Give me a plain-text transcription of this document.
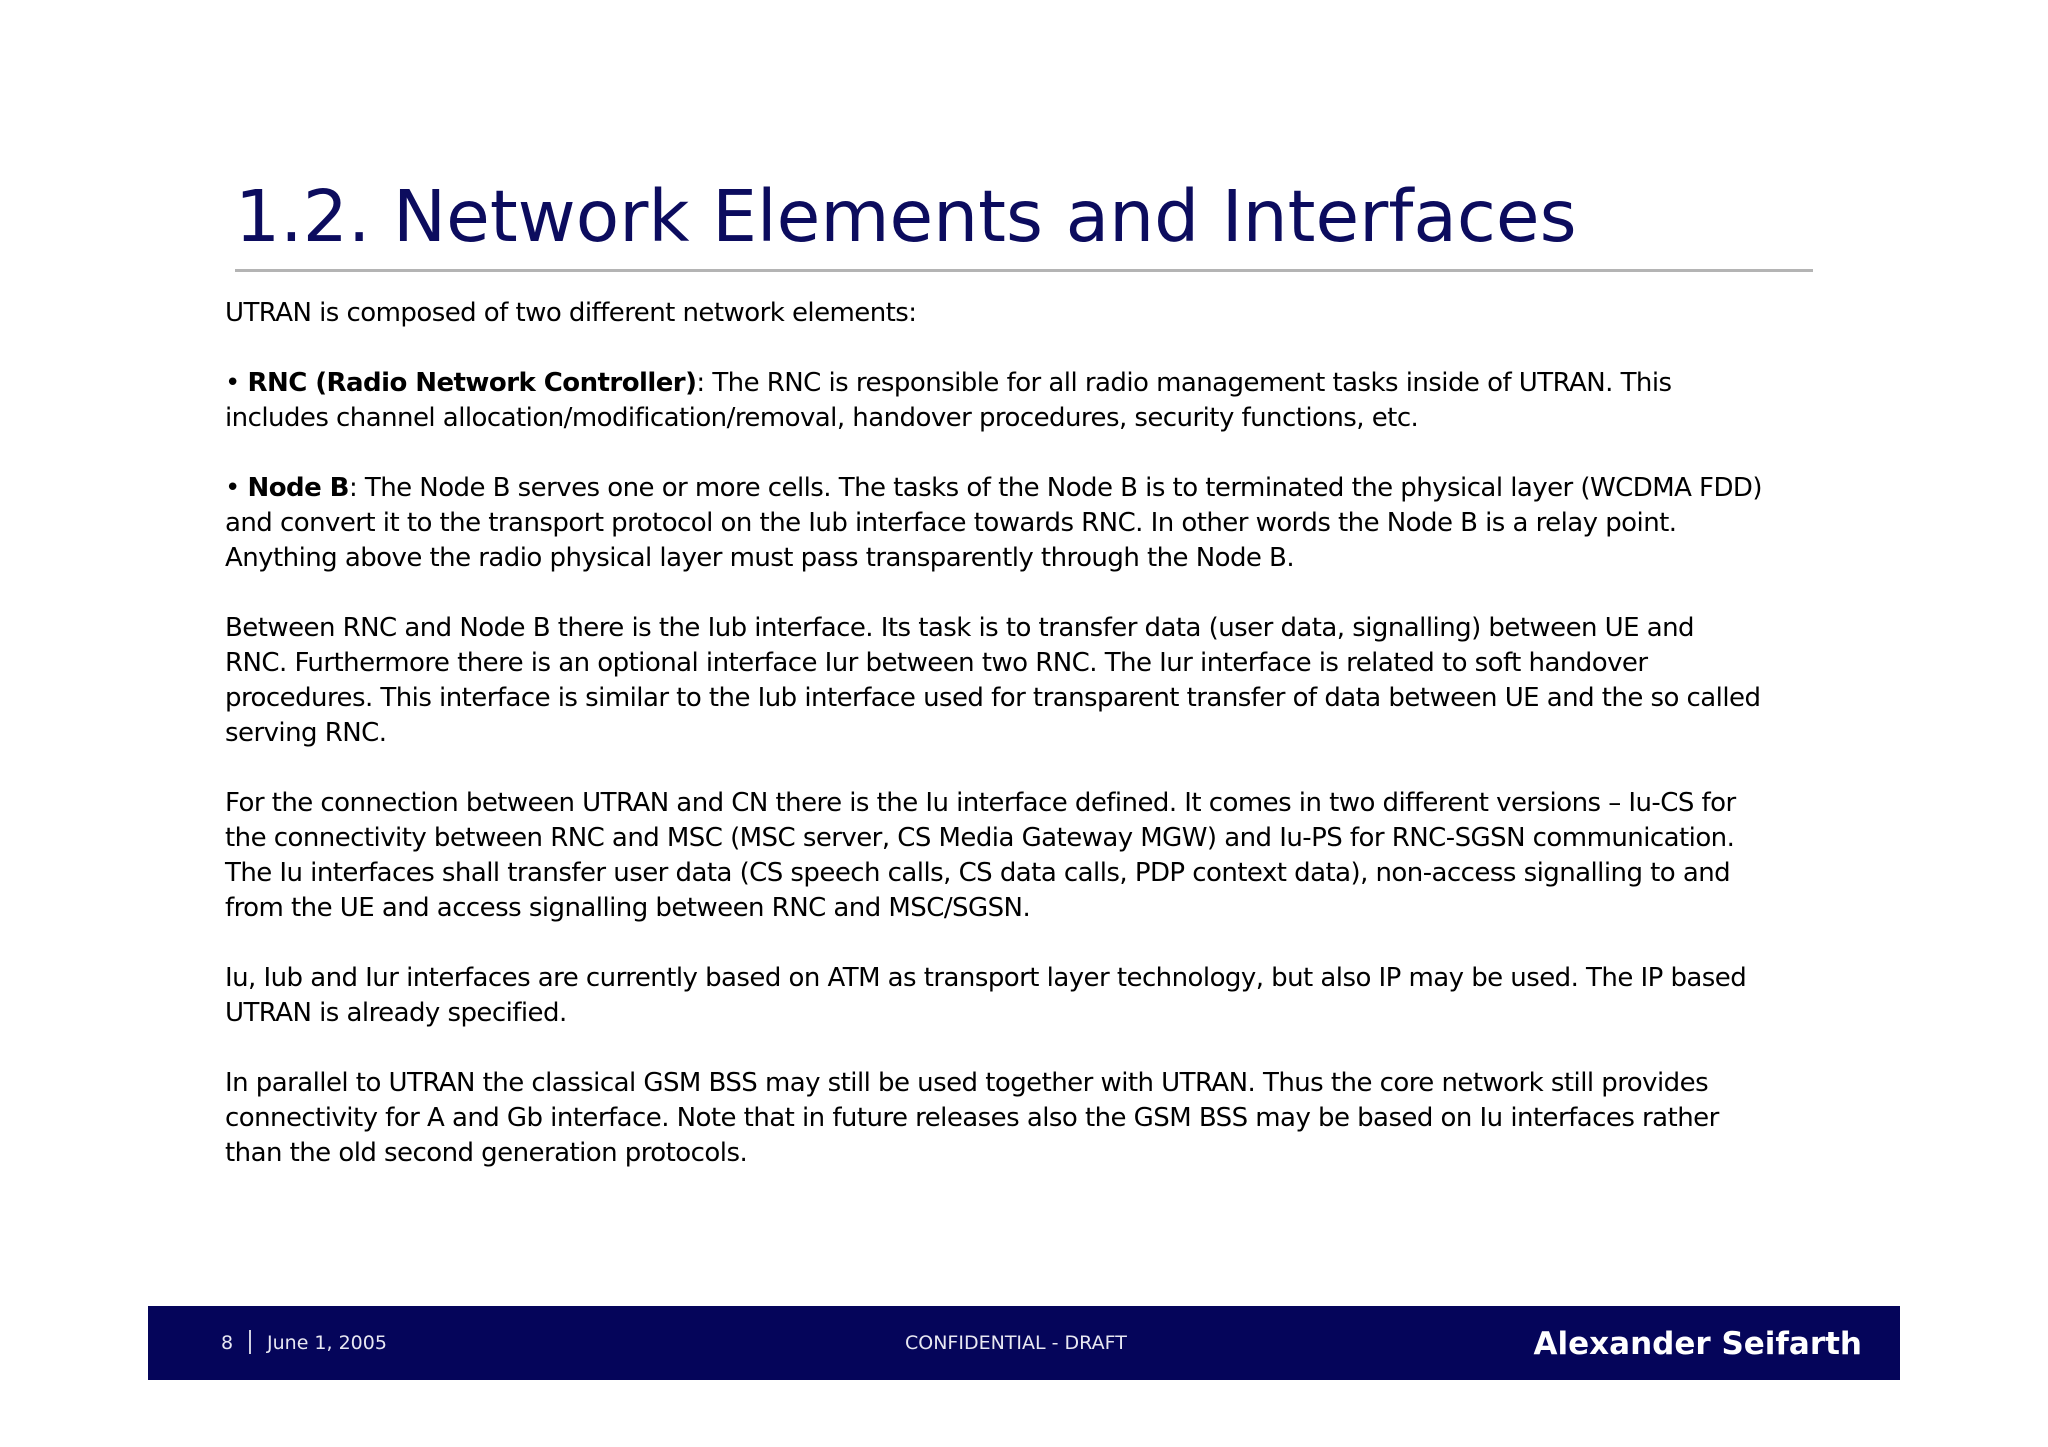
1.2. Network Elements and Interfaces

UTRAN is composed of two different network elements:

• RNC (Radio Network Controller): The RNC is responsible for all radio management tasks inside of UTRAN. This
includes channel allocation/modification/removal, handover procedures, security functions, etc.

• Node B: The Node B serves one or more cells. The tasks of the Node B is to terminated the physical layer (WCDMA FDD)
and convert it to the transport protocol on the Iub interface towards RNC. In other words the Node B is a relay point.
Anything above the radio physical layer must pass transparently through the Node B.

Between RNC and Node B there is the Iub interface. Its task is to transfer data (user data, signalling) between UE and
RNC. Furthermore there is an optional interface Iur between two RNC. The Iur interface is related to soft handover
procedures. This interface is similar to the Iub interface used for transparent transfer of data between UE and the so called
serving RNC.

For the connection between UTRAN and CN there is the Iu interface defined. It comes in two different versions – Iu-CS for
the connectivity between RNC and MSC (MSC server, CS Media Gateway MGW) and Iu-PS for RNC-SGSN communication.
The Iu interfaces shall transfer user data (CS speech calls, CS data calls, PDP context data), non-access signalling to and
from the UE and access signalling between RNC and MSC/SGSN.

Iu, Iub and Iur interfaces are currently based on ATM as transport layer technology, but also IP may be used. The IP based
UTRAN is already specified.

In parallel to UTRAN the classical GSM BSS may still be used together with UTRAN. Thus the core network still provides
connectivity for A and Gb interface. Note that in future releases also the GSM BSS may be based on Iu interfaces rather
than the old second generation protocols.

8 June 1, 2005	CONFIDENTIAL - DRAFT	Alexander Seifarth
